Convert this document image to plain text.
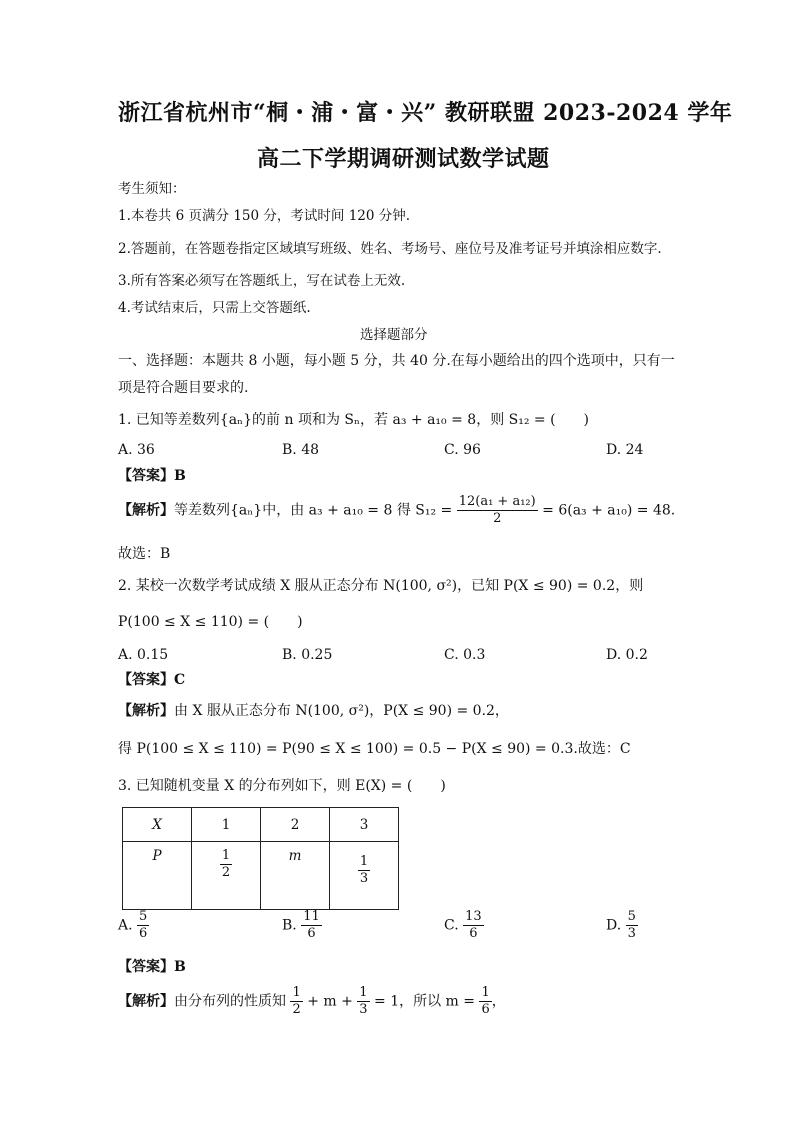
浙江省杭州市“桐・浦・富・兴” 教研联盟 2023-2024 学年
高二下学期调研测试数学试题
考生须知：
1.本卷共 6 页满分 150 分，考试时间 120 分钟.
2.答题前，在答题卷指定区域填写班级、姓名、考场号、座位号及准考证号并填涂相应数字.
3.所有答案必须写在答题纸上，写在试卷上无效.
4.考试结束后，只需上交答题纸.
选择题部分
一、选择题：本题共 8 小题，每小题 5 分，共 40 分.在每小题给出的四个选项中，只有一
项是符合题目要求的.
1. 已知等差数列{aₙ}的前 n 项和为 Sₙ，若 a₃ + a₁₀ = 8，则 S₁₂ = (　　)
A. 36	B. 48	C. 96	D. 24
【答案】B
【解析】等差数列{aₙ}中，由 a₃ + a₁₀ = 8 得 $S_{12} = \frac{\text{12(a₁ + a₁₂)}}{2} = 6(a_3 + a_{10}) = 48$.
故选：B
2. 某校一次数学考试成绩 X 服从正态分布 N(100, σ²)，已知 P(X ≤ 90) = 0.2，则
P(100 ≤ X ≤ 110) = (　　)
A. 0.15	B. 0.25	C. 0.3	D. 0.2
【答案】C
【解析】由 X 服从正态分布 N(100, σ²)，P(X ≤ 90) = 0.2，
得 P(100 ≤ X ≤ 110) = P(90 ≤ X ≤ 100) = 0.5 − P(X ≤ 90) = 0.3.故选：C
3. 已知随机变量 X 的分布列如下，则 E(X) = (　　)
X	1	2	3
P	$\frac{1}{2}$	m	$\frac{1}{3}$
A. $\frac{5}{6}$	B. $\frac{11}{6}$	C. $\frac{13}{6}$	D. $\frac{5}{3}$
【答案】B
【解析】由分布列的性质知 $\frac{1}{2} + m + \frac{1}{3} = 1$，所以 $m = \frac{1}{6}$ ，
